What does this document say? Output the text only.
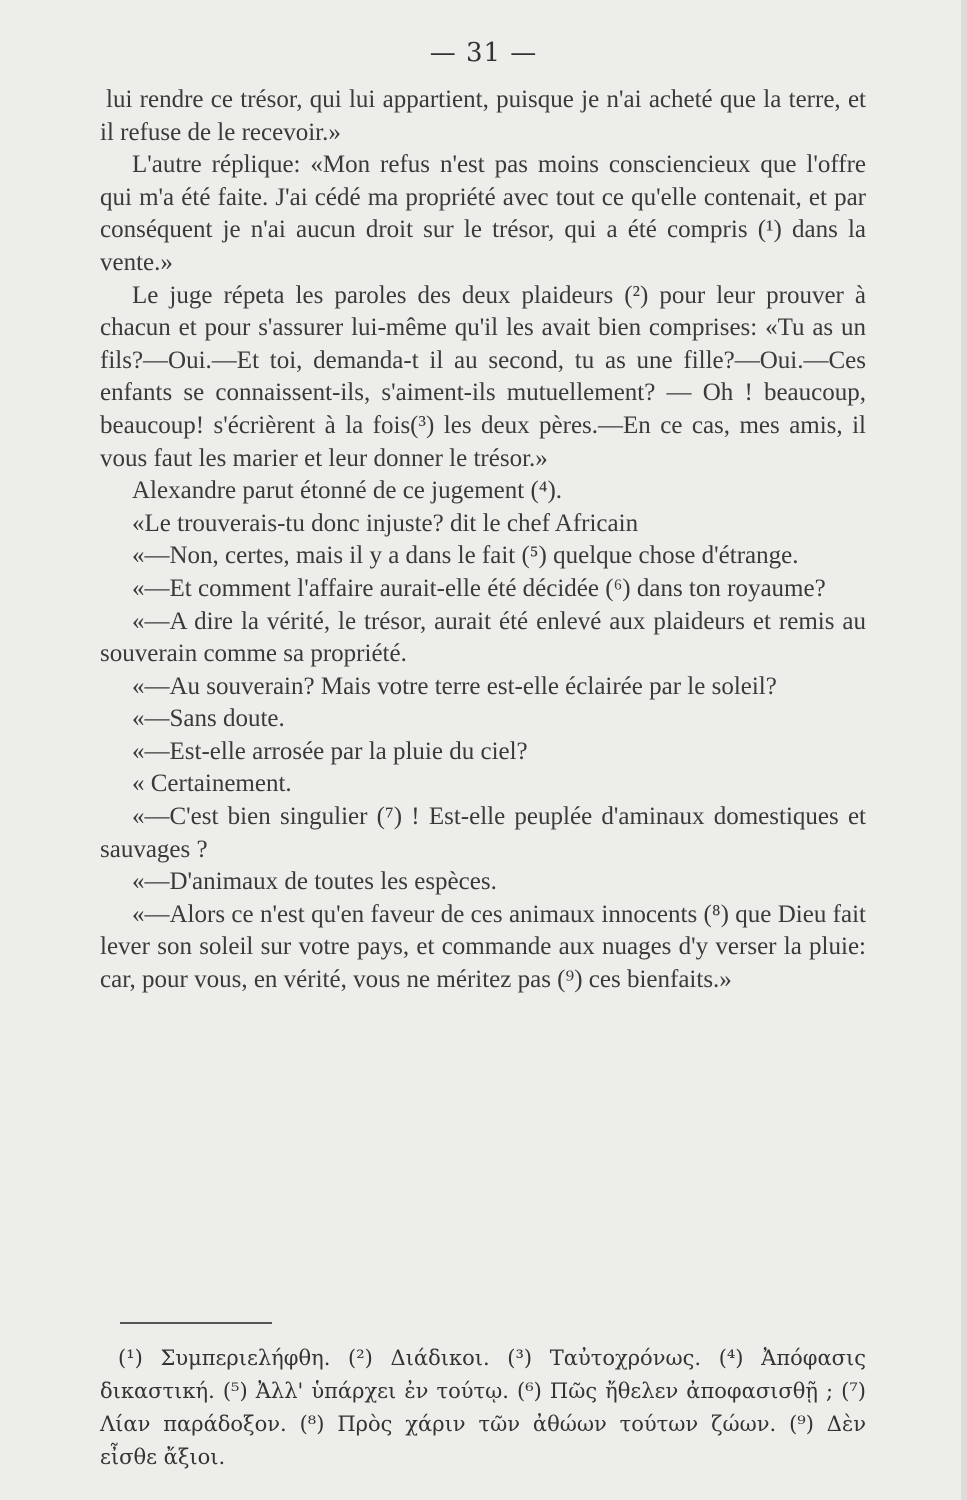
— 31 —

lui rendre ce trésor, qui lui appartient, puisque je n'ai acheté que la terre, et il refuse de le recevoir.»

L'autre réplique: «Mon refus n'est pas moins consciencieux que l'offre qui m'a été faite. J'ai cédé ma propriété avec tout ce qu'elle contenait, et par conséquent je n'ai aucun droit sur le trésor, qui a été compris (¹) dans la vente.»

Le juge répeta les paroles des deux plaideurs (²) pour leur prouver à chacun et pour s'assurer lui-même qu'il les avait bien comprises: «Tu as un fils?—Oui.—Et toi, demanda-t il au second, tu as une fille?—Oui.—Ces enfants se connaissent-ils, s'aiment-ils mutuellement? — Oh ! beaucoup, beaucoup! s'écrièrent à la fois(³) les deux pères.—En ce cas, mes amis, il vous faut les marier et leur donner le trésor.»

Alexandre parut étonné de ce jugement (⁴).

«Le trouverais-tu donc injuste? dit le chef Africain

«—Non, certes, mais il y a dans le fait (⁵) quelque chose d'étrange.

«—Et comment l'affaire aurait-elle été décidée (⁶) dans ton royaume?

«—A dire la vérité, le trésor, aurait été enlevé aux plaideurs et remis au souverain comme sa propriété.

«—Au souverain? Mais votre terre est-elle éclairée par le soleil?

«—Sans doute.

«—Est-elle arrosée par la pluie du ciel?

« Certainement.

«—C'est bien singulier (⁷) ! Est-elle peuplée d'aminaux domestiques et sauvages ?

«—D'animaux de toutes les espèces.

«—Alors ce n'est qu'en faveur de ces animaux innocents (⁸) que Dieu fait lever son soleil sur votre pays, et commande aux nuages d'y verser la pluie: car, pour vous, en vérité, vous ne méritez pas (⁹) ces bienfaits.»

(¹) Συμπεριελήφθη. (²) Διάδικοι. (³) Ταὐτοχρόνως. (⁴) Ἀπόφασις δικαστική. (⁵) Ἀλλ' ὑπάρχει ἐν τούτῳ. (⁶) Πῶς ἤθελεν ἀποφασισθῇ ; (⁷) Λίαν παράδοξον. (⁸) Πρὸς χάριν τῶν ἀθώων τούτων ζώων. (⁹) Δὲν εἶσθε ἄξιοι.
